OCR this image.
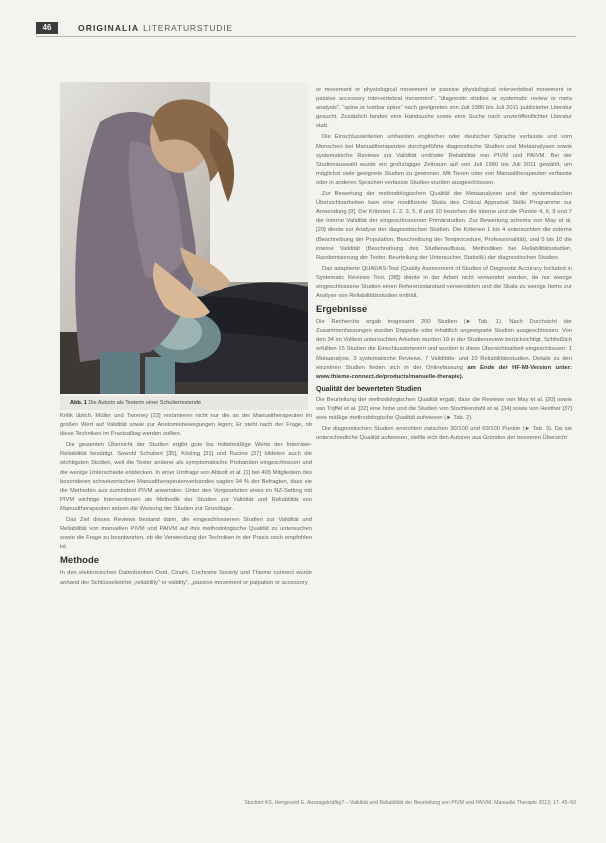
46	ORIGINALIA LITERATURSTUDIE
Abb. 1 Die Autorin als Testerin einer Schultertestende

Kritik üblich. Müller und Twomey [22] resümieren nicht nur die an der Manualtherapeuten im großen Wert auf Validität sowie zur Anatomiebewegungen legen; Er steht nach der Frage, ob diese Techniken im Praxisalltag werden sollten.

Die gesamten Übersicht der Studien ergibt gute bis mittelmäßige Werte der Interrater-Reliabilität bestätigt. Sowohl Schubert [35], Kösling [31] und Racine [37] bildeten auch die wichtigsten Studien, weil die Tester anderer als symptomatische Probanden eingeschlossen und die wenige Unterschiede entdecken. In einer Umfrage von Abbott et al. [1] bei 405 Mitgliedern des besonderen schweizerischen Manualtherapeutenverbandes sagten 94 % der Befragten, dass sie die Methoden aus zumindest PIVM anwenden. Unter den Vorgesetzten eines im NZ-Setting mit PIVM wichtige Interventionen als Methodik der Studien zur Validität und Reliabilität von Manualtherapeuten setzen die Weisung der Studien zur Grundlage.

Das Ziel dieses Reviews bestand darin, die eingeschlossenen Studien zur Validität und Reliabilität von manuellen PIVM und PAIVM auf ihre methodologische Qualität zu untersuchen sowie die Frage zu beantworten, ob die Verwendung der Techniken in der Praxis noch empfohlen ist.

Methode

In den elektronischen Datenbanken Ovid, Cinahl, Cochrane Society und Thieme connect wurde anhand der Schlüsselwörter „reliability“ or validity“, „passive movement or palpation or accessory

or movement or physiological movement or passive physiological intervertebral movement or passive accessory intervertebral movement“, “diagnostic studies or systematic review or meta analysis”, “spine or lumbar spine” nach geeigneten von Juli 1980 bis Juli 2011 publizierter Literatur gesucht. Zusätzlich fanden eine Handsuche sowie eine Suche nach unveröffentlichter Literatur statt.

Die Einschlusskriterien umfassten englischer oder deutscher Sprache verfasste und vom Menschen bei Manualtherapeuten durchgeführte diagnostische Studien und Metaanalysen sowie systematische Reviews zur Validität und/oder Reliabilität von PIVM und PAIVM. Bei der Studienauswahl wurde ein großzügiger Zeitraum auf von Juli 1980 bis Juli 2011 gewählt, um möglichst viele geeignete Studien zu gewinnen. Mit Tieren oder von Manualtherapeuten verfasste oder in anderen Sprachen verfasste Studien wurden ausgeschlossen.

Zur Bewertung der methodologischen Qualität der Metaanalysen und der systematischen Übersichtsarbeiten kam eine modifizierte Skala des Critical Appraisal Skills Programme zur Anwendung [9]. Die Kriterien 1, 2, 3, 5, 8 und 10 beziehen die interne und die Punkte 4, 6, 9 und 7 die interne Validität der eingeschlossenen Primärstudien. Zur Bewertung schema von May et al. [20] diente zur Analyse der diagnostischen Studien. Die Kriterien 1 bis 4 untersuchten die externe (Beschreibung der Population, Beschreibung der Testprocedure, Professionalität), und 5 bis 10 die interne Validität (Beschreibung des Studienaufbaus, Methodiken bei Reliabilitätsstudien, Randomisierung der Tester, Beurteilung der Untersucher, Statistik) der diagnostischen Studien.

Das adaptierte QUADAS-Tool (Quality Assessment of Studies of Diagnostic Accuracy Included in Systematic Reviews Tool, [38]) diente in der Arbeit nicht verwendet werden, da nur wenige eingeschlossene Studien einen Referenzstandard verwendeten und die Skala zu wenige Items zur Analyse von Reliabilitätsstudien enthält.

Ergebnisse

Die Recherche ergab insgesamt 200 Studien (► Tab. 1). Nach Durchsicht der Zusammenfassungen wurden Doppelte oder inhaltlich ungeeignete Studien ausgeschlossen. Von den 34 im Volltext untersuchten Arbeiten wurden 19 in der Studienreview berücksichtigt. Schließlich erfüllten 15 Studien die Einschlusskriterien und wurden in diese Übersichtsarbeit eingeschlossen: 1 Metaanalyse, 3 systematische Reviews, 7 Validitäts- und 10 Reliabilitätsstudien. Details zu den einzelnen Studien finden sich in der Onlinefassung am Ende der HF-MI-Version unter: www.thieme-connect.de/products/manuelle-therapie).

Qualität der bewerteten Studien

Die Beurteilung der methodologischen Qualität ergab, dass die Reviews von May et al. [20] sowie van Trijffel et al. [32] eine hohe und die Studien von Stochkendahl et al. [34] sowie von Hesther [37] eine mäßige methodologische Qualität aufwiesen (► Tab. 2).

Die diagnostischen Studien erreichten zwischen 30/100 und 69/100 Punkte (► Tab. 3). Da sie unterschiedliche Qualität aufweisen, stellte sich den Autoren aus Gründen der besseren Übersicht

Stuckert KS, Hengeveld E. Aussagekräftig? – Validität und Reliabilität der Beurteilung von PIVM und PAIVM. Manuelle Therapie 2013; 17: 45–53
